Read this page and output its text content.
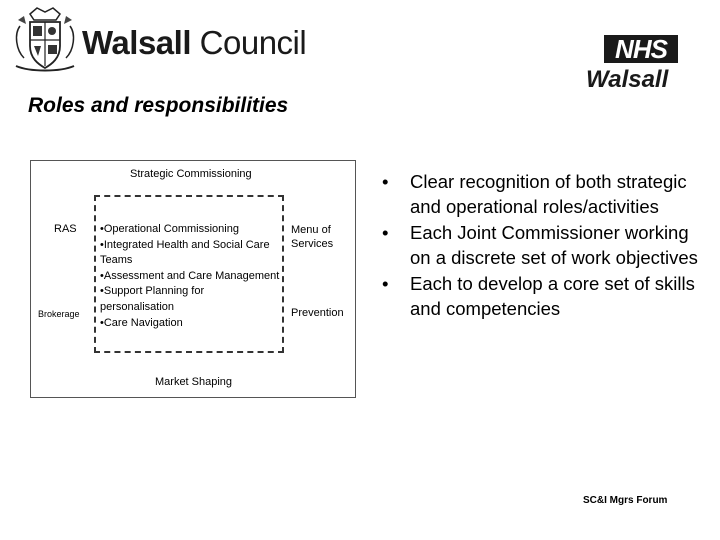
Walsall Council	NHS
Walsall
Roles and responsibilities
Strategic Commissioning
RAS
Brokerage
Market Shaping
Menu of Services
Prevention
•Operational Commissioning
•Integrated Health and Social Care Teams
•Assessment and Care Management
•Support Planning for personalisation
•Care Navigation
• Clear recognition of both strategic and operational roles/activities
• Each Joint Commissioner working on a discrete set of work objectives
• Each to develop a core set of skills and competencies
SC&I Mgrs Forum
